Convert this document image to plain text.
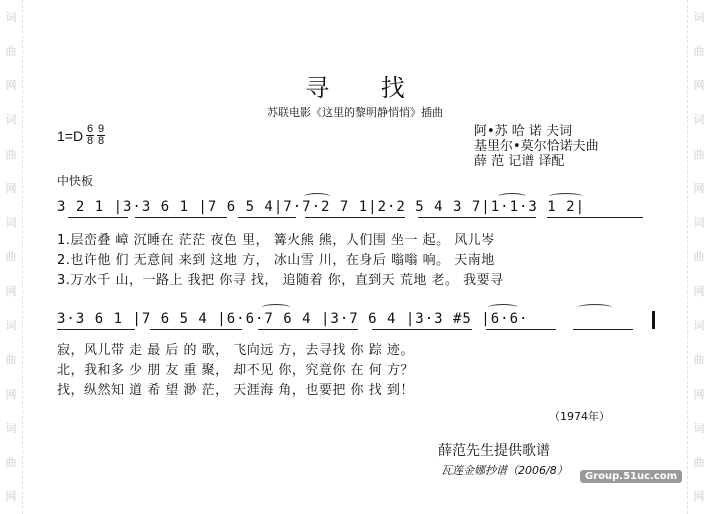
词
曲
网
词
曲
网
词
曲
网
词
曲
网
词
曲
网
词
曲
网
词
曲
网
词
曲
网
词
曲
网
词
曲
网
寻 找
苏联电影《这里的黎明静悄悄》插曲
$1=D \frac{6}{8} \frac{9}{8}$	阿•苏 哈 诺 夫词
基里尔•莫尔恰诺夫曲
薛 范 记谱 译配
中快板
3 2 1 |3·3 6 1 |7 6 5 4|7·7·2 7 1|2·2 5 4 3 7|1·1·3 1 2|
1.层峦叠 嶂 沉睡在 茫茫 夜色 里， 篝火熊 熊，人们围 坐一 起。 风儿岑
2.也许他 们 无意间 来到 这地 方， 冰山雪 川，在身后 嗡嗡 响。 天南地
3.万水千 山，一路上 我把 你寻 找， 追随着 你，直到天 荒地 老。 我要寻
3·3 6 1 |7 6 5 4 |6·6·7 6 4 |3·7 6 4 |3·3 #5 |6·6·
寂，风儿带 走 最 后 的 歌， 飞向远 方，去寻找 你 踪 迹。
北，我和多 少 朋 友 重 聚， 却不见 你，究竟你 在 何 方？
找，纵然知 道 希 望 渺 茫， 天涯海 角，也要把 你 找 到！
（1974年）
薛范先生提供歌谱
瓦莲金娜抄谱（2006/8）	Group.51uc.com
